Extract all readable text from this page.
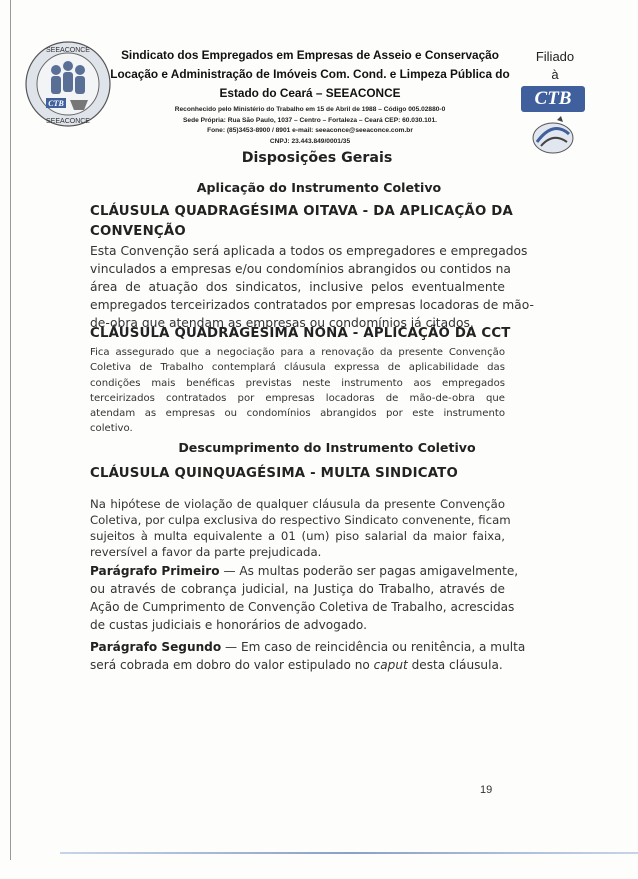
SEEACONCE
SEEACONCE
CTB
Sindicato dos Empregados em Empresas de Asseio e Conservação
Locação e Administração de Imóveis Com. Cond. e Limpeza Pública do
Estado do Ceará – SEEACONCE
Reconhecido pelo Ministério do Trabalho em 15 de Abril de 1988 – Código 005.02880-0
Sede Própria: Rua São Paulo, 1037 – Centro – Fortaleza – Ceará CEP: 60.030.101.
Fone: (85)3453-8900 / 8901 e-mail: seeaconce@seeaconce.com.br
CNPJ: 23.443.849/0001/35
Filiado
à
CTB
Disposições Gerais
Aplicação do Instrumento Coletivo
CLÁUSULA QUADRAGÉSIMA OITAVA - DA APLICAÇÃO DA
CONVENÇÃO
Esta Convenção será aplicada a todos os empregadores e empregados
vinculados a empresas e/ou condomínios abrangidos ou contidos na
área de atuação dos sindicatos, inclusive pelos eventualmente
empregados terceirizados contratados por empresas locadoras de mão-
de-obra que atendam as empresas ou condomínios já citados.
CLÁUSULA QUADRAGÉSIMA NONA - APLICAÇÃO DA CCT
Fica assegurado que a negociação para a renovação da presente Convenção
Coletiva de Trabalho contemplará cláusula expressa de aplicabilidade das
condições mais benéficas previstas neste instrumento aos empregados
terceirizados contratados por empresas locadoras de mão-de-obra que
atendam as empresas ou condomínios abrangidos por este instrumento
coletivo.
Descumprimento do Instrumento Coletivo
CLÁUSULA QUINQUAGÉSIMA - MULTA SINDICATO
Na hipótese de violação de qualquer cláusula da presente Convenção
Coletiva, por culpa exclusiva do respectivo Sindicato convenente, ficam
sujeitos à multa equivalente a 01 (um) piso salarial da maior faixa,
reversível a favor da parte prejudicada.
Parágrafo Primeiro — As multas poderão ser pagas amigavelmente,
ou através de cobrança judicial, na Justiça do Trabalho, através de
Ação de Cumprimento de Convenção Coletiva de Trabalho, acrescidas
de custas judiciais e honorários de advogado.
Parágrafo Segundo — Em caso de reincidência ou renitência, a multa
será cobrada em dobro do valor estipulado no caput desta cláusula.
19
